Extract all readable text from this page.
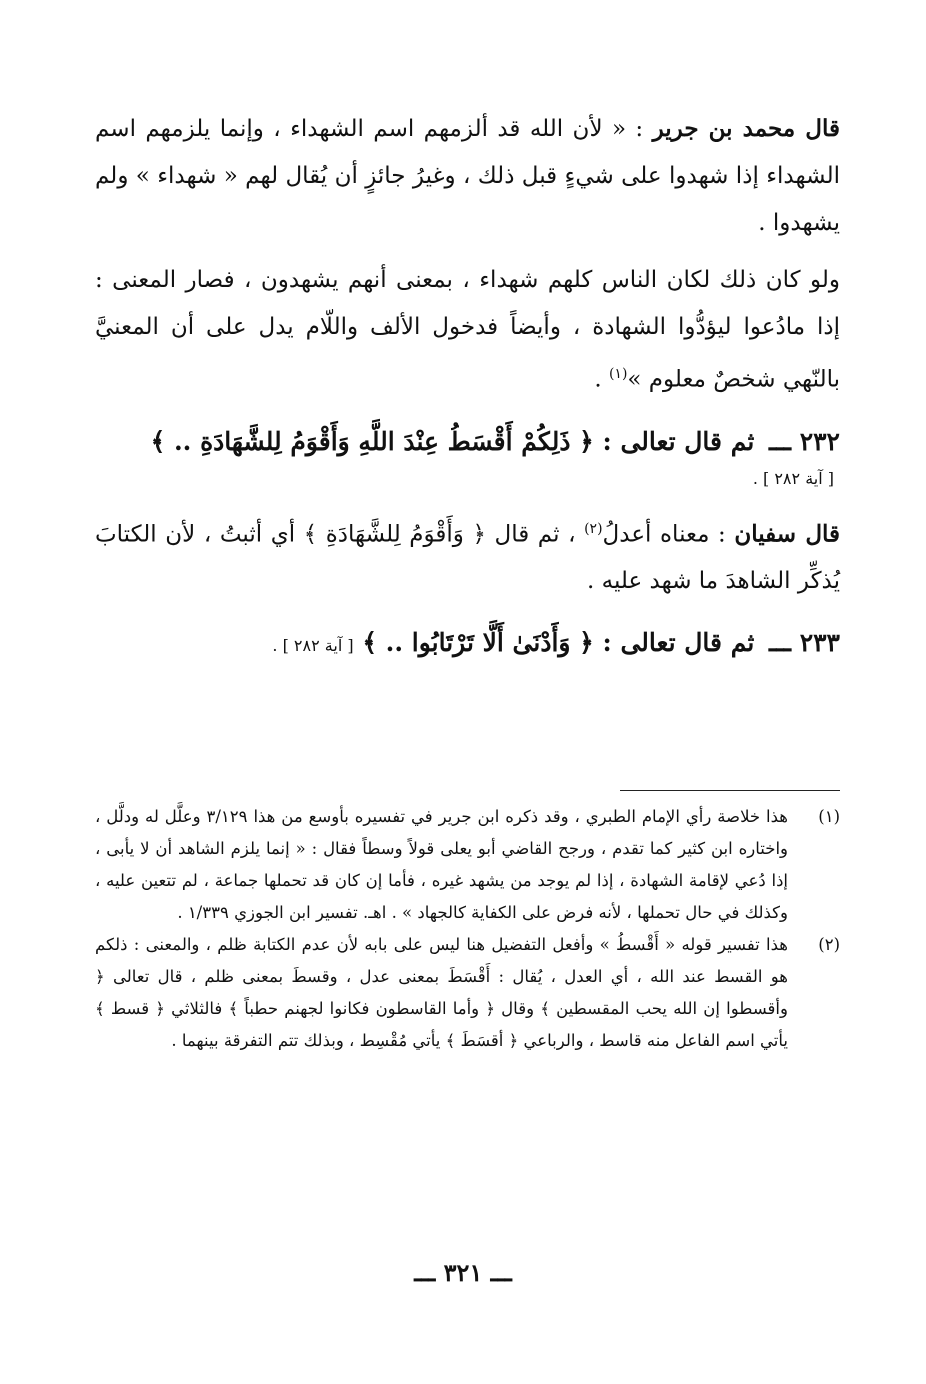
قال محمد بن جرير : « لأن الله قد ألزمهم اسم الشهداء ، وإنما يلزمهم اسم الشهداء إذا شهدوا على شيءٍ قبل ذلك ، وغيرُ جائزٍ أن يُقال لهم « شهداء » ولم يشهدوا .

ولو كان ذلك لكان الناس كلهم شهداء ، بمعنى أنهم يشهدون ، فصار المعنى : إذا مادُعوا ليؤدُّوا الشهادة ، وأيضاً فدخول الألف واللّام يدل على أن المعنيَّ بالنّهي شخصٌ معلوم »$^{(١)}$ .

٢٣٢ ـــ ثم قال تعالى : ﴿ ذَلِكُمْ أَقْسَطُ عِنْدَ اللَّهِ وَأَقْوَمُ لِلشَّهَادَةِ .. ﴾
[ آية ٢٨٢ ] .

قال سفيان : معناه أعدلُ$^{(٢)}$ ، ثم قال ﴿ وَأَقْوَمُ لِلشَّهَادَةِ ﴾ أي أثبتُ ، لأن الكتابَ يُذكِّر الشاهدَ ما شهد عليه .

٢٣٣ ـــ ثم قال تعالى : ﴿ وَأَدْنَىٰ أَلَّا تَرْتَابُوا .. ﴾ [ آية ٢٨٢ ] .
(١)
هذا خلاصة رأي الإمام الطبري ، وقد ذكره ابن جرير في تفسيره بأوسع من هذا ٣/١٢٩ وعلَّل له ودلَّل ، واختاره ابن كثير كما تقدم ، ورجح القاضي أبو يعلى قولاً وسطاً فقال : « إنما يلزم الشاهد أن لا يأبى ، إذا دُعي لإقامة الشهادة ، إذا لم يوجد من يشهد غيره ، فأما إن كان قد تحملها جماعة ، لم تتعين عليه ، وكذلك في حال تحملها ، لأنه فرض على الكفاية كالجهاد » . اهـ. تفسير ابن الجوزي ١/٣٣٩ .
(٢)
هذا تفسير قوله « أَقْسطُ » وأفعل التفضيل هنا ليس على بابه لأن عدم الكتابة ظلم ، والمعنى : ذلكم هو القسط عند الله ، أي العدل ، يُقال : أَقْسَطَ بمعنى عدل ، وقسطَ بمعنى ظلم ، قال تعالى ﴿ وأقسطوا إن الله يحب المقسطين ﴾ وقال ﴿ وأما القاسطون فكانوا لجهنم حطباً ﴾ فالثلاثي ﴿ قسط ﴾ يأتي اسم الفاعل منه قاسط ، والرباعي ﴿ أقسَطَ ﴾ يأتي مُقْسِط ، وبذلك تتم التفرقة بينهما .
ـــ ٣٢١ ـــ
